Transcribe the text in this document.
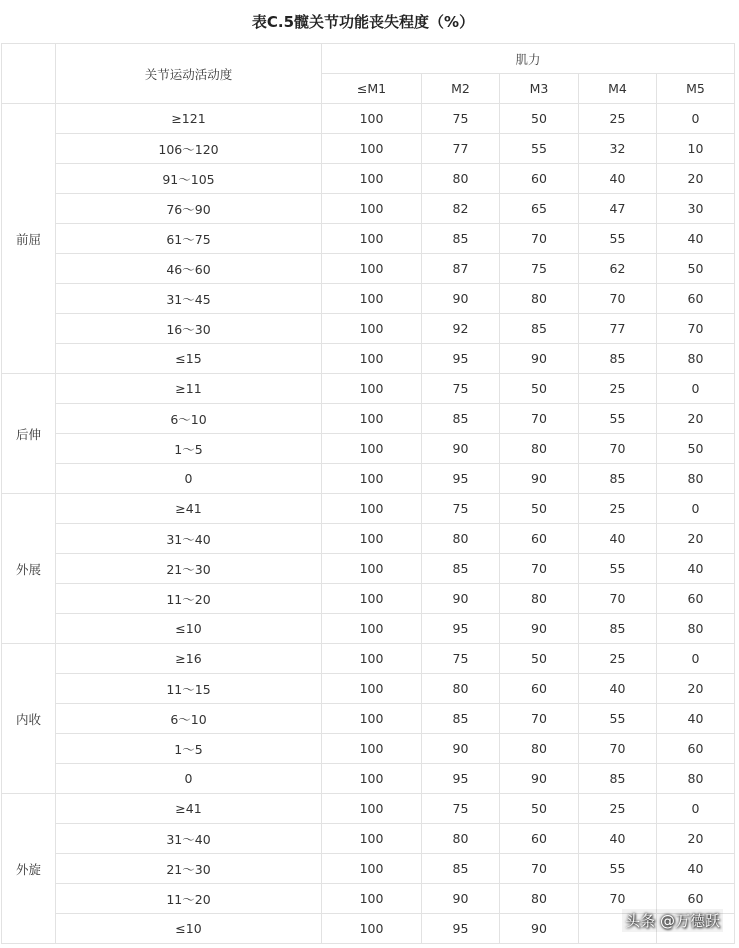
表C.5髋关节功能丧失程度（%）
	关节运动活动度	肌力				
		≤M1	M2	M3	M4	M5
前屈	≥121	100	75	50	25	0
	106～120	100	77	55	32	10
	91～105	100	80	60	40	20
	76～90	100	82	65	47	30
	61～75	100	85	70	55	40
	46～60	100	87	75	62	50
	31～45	100	90	80	70	60
	16～30	100	92	85	77	70
	≤15	100	95	90	85	80
后伸	≥11	100	75	50	25	0
	6～10	100	85	70	55	20
	1～5	100	90	80	70	50
	0	100	95	90	85	80
外展	≥41	100	75	50	25	0
	31～40	100	80	60	40	20
	21～30	100	85	70	55	40
	11～20	100	90	80	70	60
	≤10	100	95	90	85	80
内收	≥16	100	75	50	25	0
	11～15	100	80	60	40	20
	6～10	100	85	70	55	40
	1～5	100	90	80	70	60
	0	100	95	90	85	80
外旋	≥41	100	75	50	25	0
	31～40	100	80	60	40	20
	21～30	100	85	70	55	40
	11～20	100	90	80	70	60
	≤10	100	95	90			头条 @万德跃
